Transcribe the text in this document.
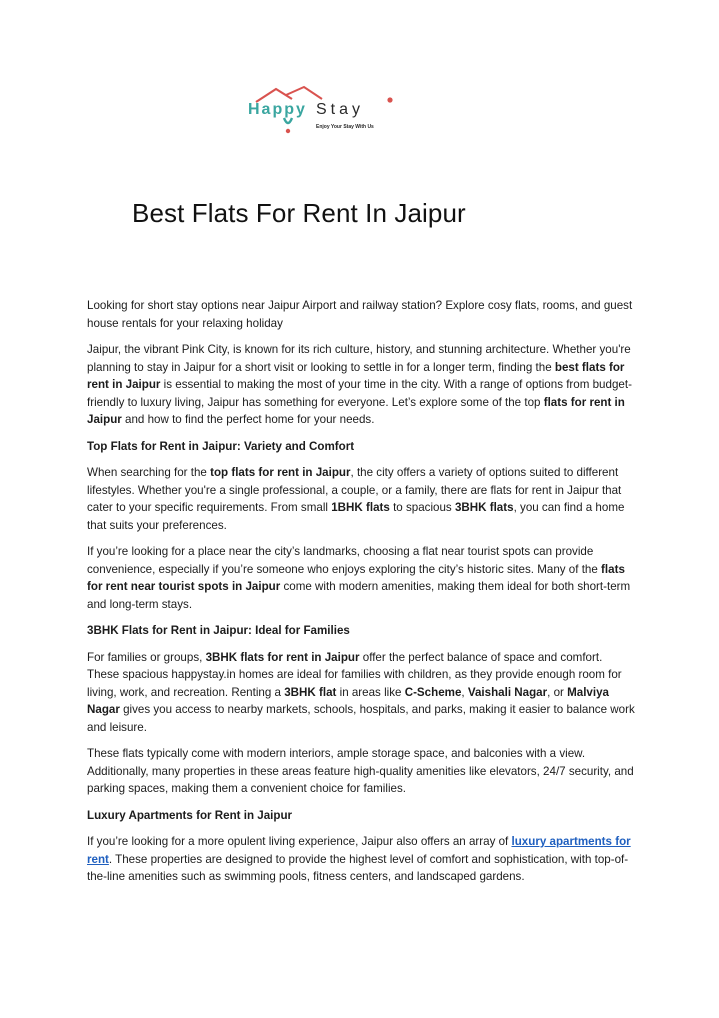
Happy Stay
Enjoy Your Stay With Us
Best Flats For Rent In Jaipur

Looking for short stay options near Jaipur Airport and railway station? Explore cosy flats, rooms, and guest house rentals for your relaxing holiday

Jaipur, the vibrant Pink City, is known for its rich culture, history, and stunning architecture. Whether you're planning to stay in Jaipur for a short visit or looking to settle in for a longer term, finding the best flats for rent in Jaipur is essential to making the most of your time in the city. With a range of options from budget-friendly to luxury living, Jaipur has something for everyone. Let’s explore some of the top flats for rent in Jaipur and how to find the perfect home for your needs.

Top Flats for Rent in Jaipur: Variety and Comfort

When searching for the top flats for rent in Jaipur, the city offers a variety of options suited to different lifestyles. Whether you're a single professional, a couple, or a family, there are flats for rent in Jaipur that cater to your specific requirements. From small 1BHK flats to spacious 3BHK flats, you can find a home that suits your preferences.

If you’re looking for a place near the city’s landmarks, choosing a flat near tourist spots can provide convenience, especially if you’re someone who enjoys exploring the city’s historic sites. Many of the flats for rent near tourist spots in Jaipur come with modern amenities, making them ideal for both short-term and long-term stays.

3BHK Flats for Rent in Jaipur: Ideal for Families

For families or groups, 3BHK flats for rent in Jaipur offer the perfect balance of space and comfort. These spacious happystay.in homes are ideal for families with children, as they provide enough room for living, work, and recreation. Renting a 3BHK flat in areas like C-Scheme, Vaishali Nagar, or Malviya Nagar gives you access to nearby markets, schools, hospitals, and parks, making it easier to balance work and leisure.

These flats typically come with modern interiors, ample storage space, and balconies with a view. Additionally, many properties in these areas feature high-quality amenities like elevators, 24/7 security, and parking spaces, making them a convenient choice for families.

Luxury Apartments for Rent in Jaipur

If you’re looking for a more opulent living experience, Jaipur also offers an array of luxury apartments for rent. These properties are designed to provide the highest level of comfort and sophistication, with top-of-the-line amenities such as swimming pools, fitness centers, and landscaped gardens.
